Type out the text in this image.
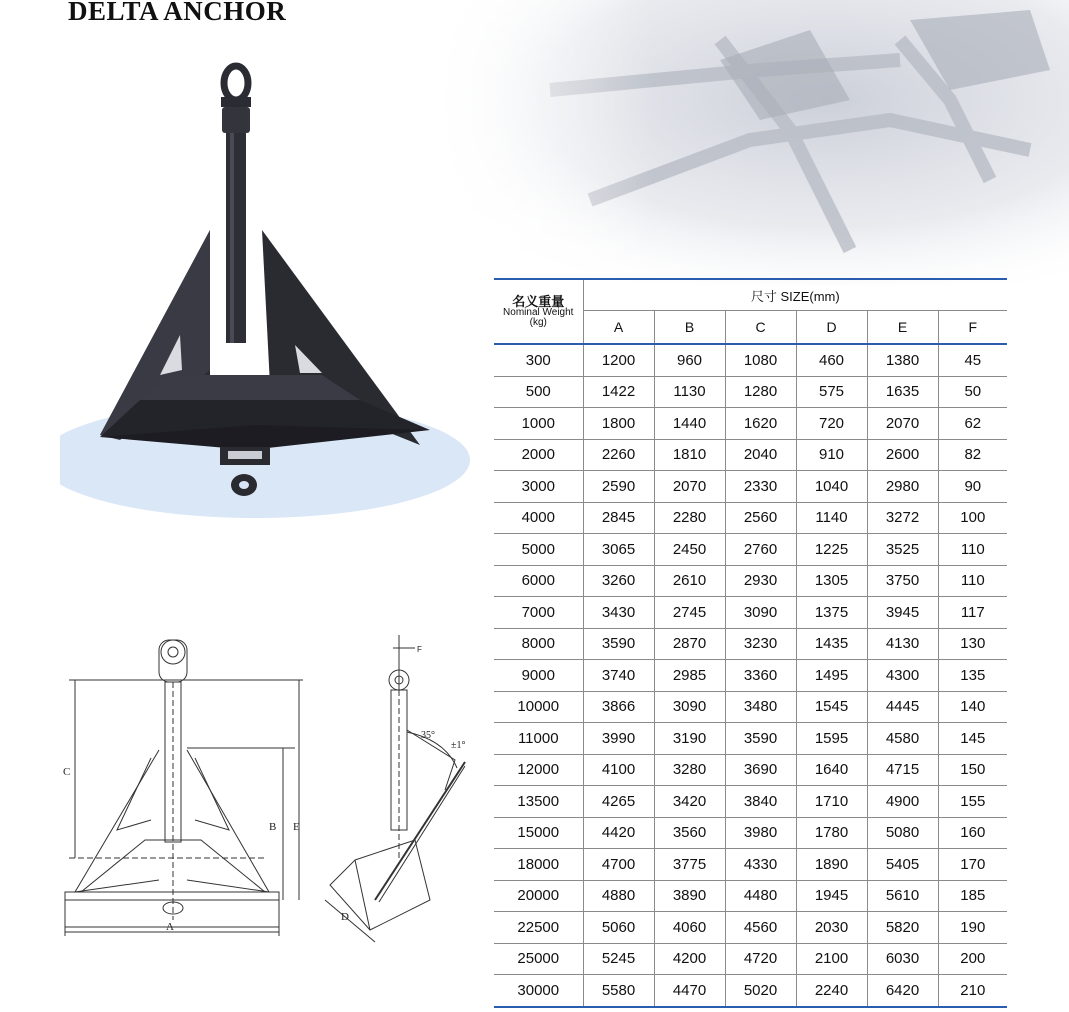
DELTA ANCHOR
C
B E
A
F
35°
±1°
D
名义重量
Nominal Weight
(kg)	尺寸 SIZE(mm)					
	A	B	C	D	E	F
300	1200	960	1080	460	1380	45
500	1422	1130	1280	575	1635	50
1000	1800	1440	1620	720	2070	62
2000	2260	1810	2040	910	2600	82
3000	2590	2070	2330	1040	2980	90
4000	2845	2280	2560	1140	3272	100
5000	3065	2450	2760	1225	3525	110
6000	3260	2610	2930	1305	3750	110
7000	3430	2745	3090	1375	3945	117
8000	3590	2870	3230	1435	4130	130
9000	3740	2985	3360	1495	4300	135
10000	3866	3090	3480	1545	4445	140
11000	3990	3190	3590	1595	4580	145
12000	4100	3280	3690	1640	4715	150
13500	4265	3420	3840	1710	4900	155
15000	4420	3560	3980	1780	5080	160
18000	4700	3775	4330	1890	5405	170
20000	4880	3890	4480	1945	5610	185
22500	5060	4060	4560	2030	5820	190
25000	5245	4200	4720	2100	6030	200
30000	5580	4470	5020	2240	6420	210
